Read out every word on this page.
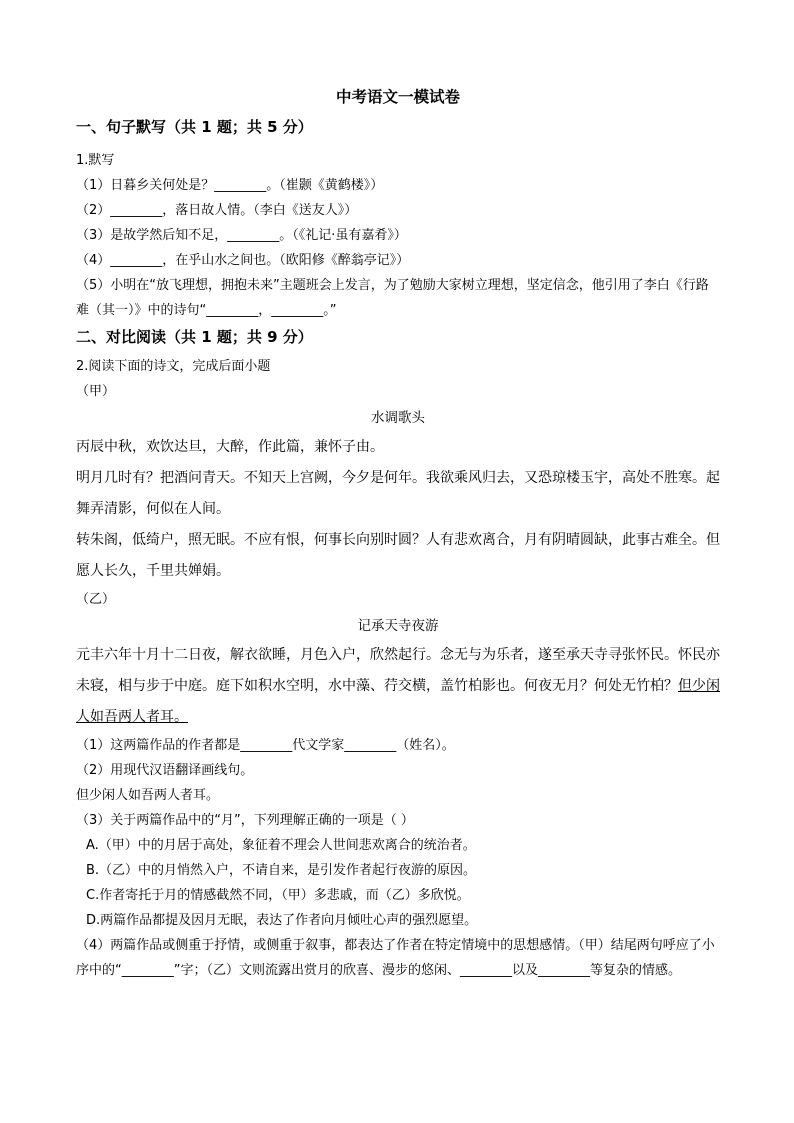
中考语文一模试卷
一、句子默写（共 1 题；共 5 分）

1.默写

（1）日暮乡关何处是？________。（崔颢《黄鹤楼》）

（2）________，落日故人情。（李白《送友人》）

（3）是故学然后知不足，________。（《礼记·虽有嘉肴》）

（4）________，在乎山水之间也。（欧阳修《醉翁亭记》）

（5）小明在“放飞理想，拥抱未来”主题班会上发言，为了勉励大家树立理想，坚定信念，他引用了李白《行路难（其一）》中的诗句“________，________。”

二、对比阅读（共 1 题；共 9 分）

2.阅读下面的诗文，完成后面小题

（甲）

水调歌头

丙辰中秋，欢饮达旦，大醉，作此篇，兼怀子由。

明月几时有？把酒问青天。不知天上宫阙，今夕是何年。我欲乘风归去，又恐琼楼玉宇，高处不胜寒。起舞弄清影，何似在人间。

转朱阁，低绮户，照无眠。不应有恨，何事长向别时圆？人有悲欢离合，月有阴晴圆缺，此事古难全。但愿人长久，千里共婵娟。

（乙）

记承天寺夜游

元丰六年十月十二日夜，解衣欲睡，月色入户，欣然起行。念无与为乐者，遂至承天寺寻张怀民。怀民亦未寝，相与步于中庭。庭下如积水空明，水中藻、荇交横，盖竹柏影也。何夜无月？何处无竹柏？但少闲人如吾两人者耳。

（1）这两篇作品的作者都是________代文学家________（姓名）。

（2）用现代汉语翻译画线句。

但少闲人如吾两人者耳。

（3）关于两篇作品中的“月”，下列理解正确的一项是（ ）

A.（甲）中的月居于高处，象征着不理会人世间悲欢离合的统治者。

B.（乙）中的月悄然入户，不请自来，是引发作者起行夜游的原因。

C.作者寄托于月的情感截然不同，（甲）多悲戚，而（乙）多欣悦。

D.两篇作品都提及因月无眠，表达了作者向月倾吐心声的强烈愿望。

（4）两篇作品或侧重于抒情，或侧重于叙事，都表达了作者在特定情境中的思想感情。（甲）结尾两句呼应了小序中的“________”字；（乙）文则流露出赏月的欣喜、漫步的悠闲、________以及________等复杂的情感。
